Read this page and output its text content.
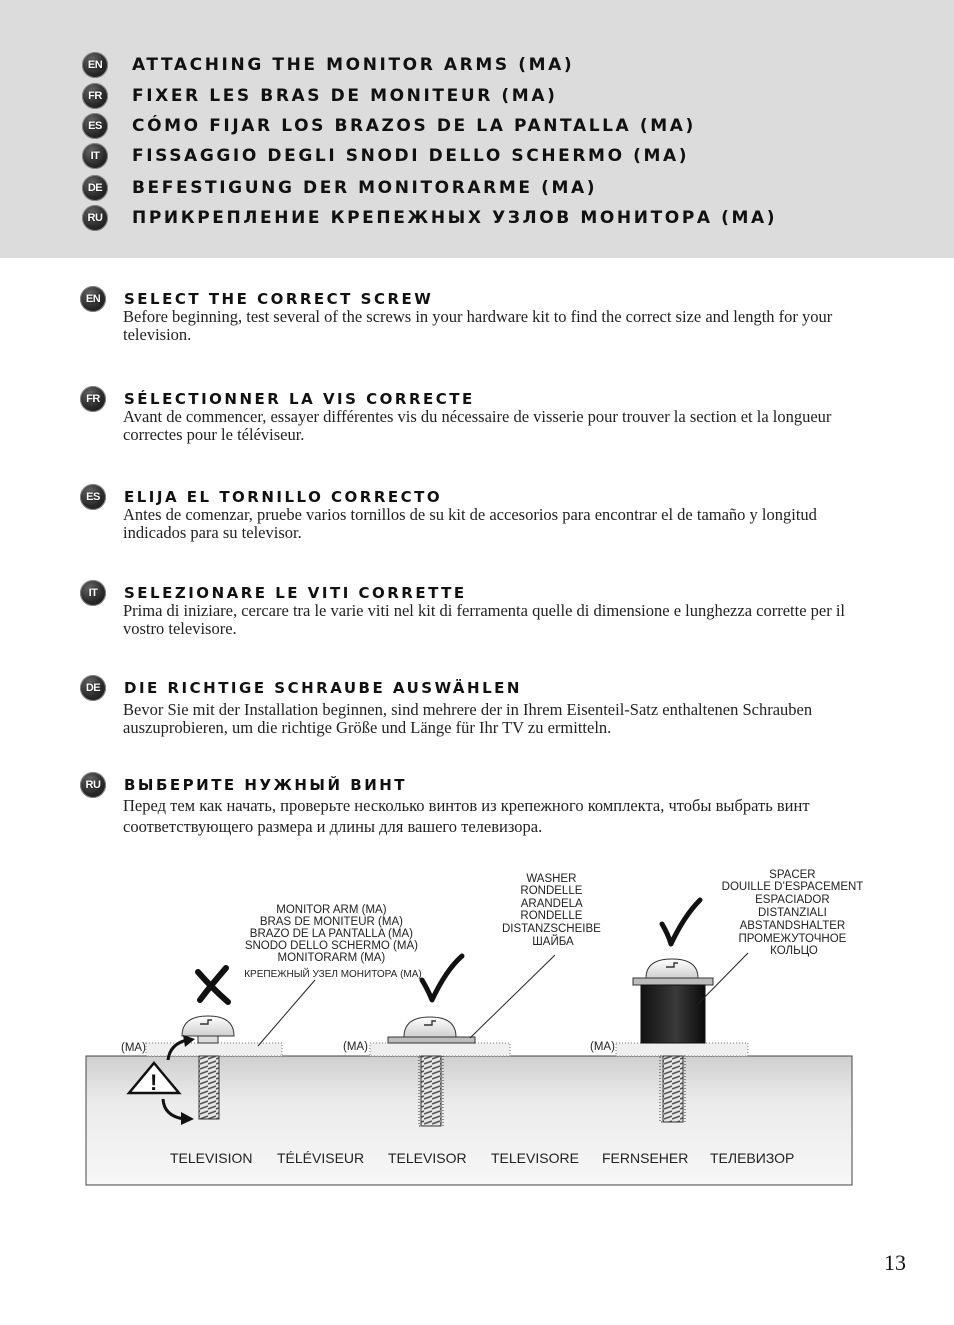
EN	ATTACHING THE MONITOR ARMS (MA)
FR	FIXER LES BRAS DE MONITEUR (MA)
ES	CÓMO FIJAR LOS BRAZOS DE LA PANTALLA (MA)
IT	FISSAGGIO DEGLI SNODI DELLO SCHERMO (MA)
DE	BEFESTIGUNG DER MONITORARME (MA)
RU	ПРИКРЕПЛЕНИЕ КРЕПЕЖНЫХ УЗЛОВ МОНИТОРА (MA)
EN	SELECT THE CORRECT SCREW
Before beginning, test several of the screws in your hardware kit to find the correct size and length for your television.
FR	SÉLECTIONNER LA VIS CORRECTE
Avant de commencer, essayer différentes vis du nécessaire de visserie pour trouver la section et la longueur correctes pour le téléviseur.
ES	ELIJA EL TORNILLO CORRECTO
Antes de comenzar, pruebe varios tornillos de su kit de accesorios para encontrar el de tamaño y longitud indicados para su televisor.
IT	SELEZIONARE LE VITI CORRETTE
Prima di iniziare, cercare tra le varie viti nel kit di ferramenta quelle di dimensione e lunghezza corrette per il vostro televisore.
DE	DIE RICHTIGE SCHRAUBE AUSWÄHLEN
Bevor Sie mit der Installation beginnen, sind mehrere der in Ihrem Eisenteil-Satz enthaltenen Schrauben auszuprobieren, um die richtige Größe und Länge für Ihr TV zu ermitteln.
RU	ВЫБЕРИТЕ НУЖНЫЙ ВИНТ
Перед тем как начать, проверьте несколько винтов из крепежного комплекта, чтобы выбрать винт соответствующего размера и длины для вашего телевизора.
(MA)	(MA)	(MA)
!
MONITOR ARM (MA) BRAS DE MONITEUR (MA) BRAZO DE LA PANTALLA (MA) SNODO DELLO SCHERMO (MA) MONITORARM (MA) КРЕПЕЖНЫЙ УЗЕЛ МОНИТОРА (MA)
WASHER RONDELLE ARANDELA RONDELLE DISTANZSCHEIBE ШАЙБА
SPACER DOUILLE D’ESPACEMENT ESPACIADOR DISTANZIALI ABSTANDSHALTER ПРОМЕЖУТОЧНОЕ КОЛЬЦО
TELEVISION TÉLÉVISEUR TELEVISOR TELEVISORE FERNSEHER ТЕЛЕВИЗОР
13
